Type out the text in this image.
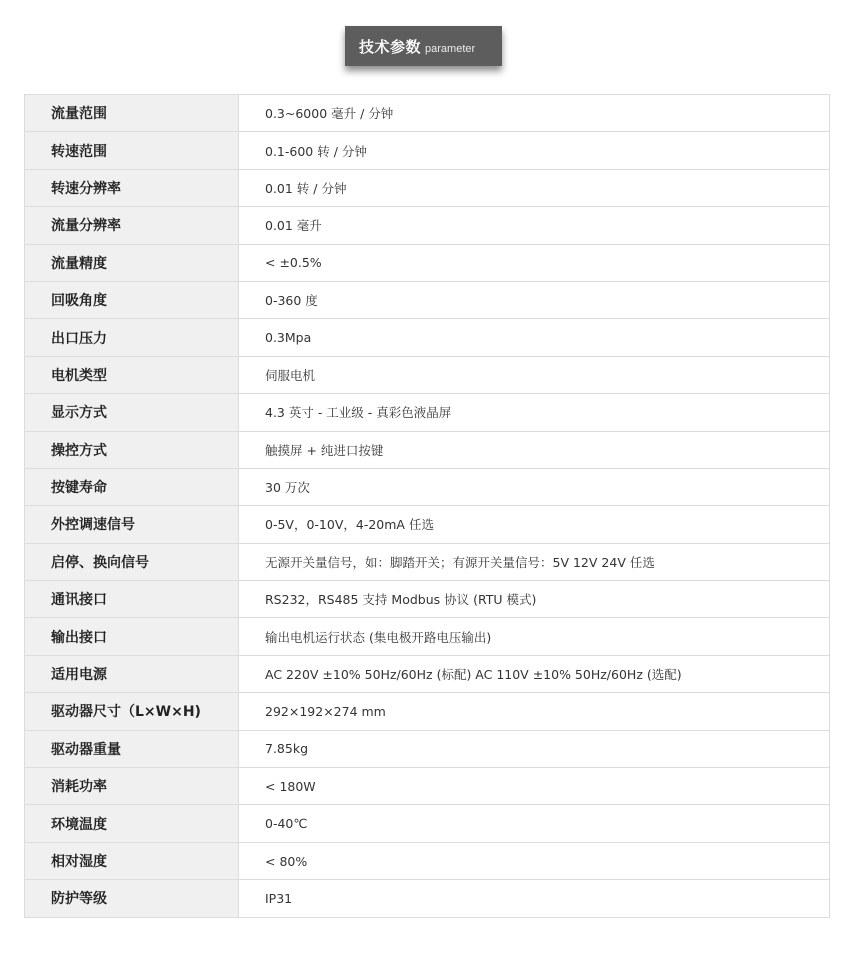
技术参数 parameter
流量范围	0.3~6000 毫升 / 分钟
转速范围	0.1-600 转 / 分钟
转速分辨率	0.01 转 / 分钟
流量分辨率	0.01 毫升
流量精度	< ±0.5%
回吸角度	0-360 度
出口压力	0.3Mpa
电机类型	伺服电机
显示方式	4.3 英寸 - 工业级 - 真彩色液晶屏
操控方式	触摸屏 + 纯进口按键
按键寿命	30 万次
外控调速信号	0-5V，0-10V，4-20mA 任选
启停、换向信号	无源开关量信号，如：脚踏开关；有源开关量信号：5V 12V 24V 任选
通讯接口	RS232，RS485 支持 Modbus 协议 (RTU 模式)
输出接口	输出电机运行状态 (集电极开路电压输出)
适用电源	AC 220V ±10% 50Hz/60Hz (标配) AC 110V ±10% 50Hz/60Hz (选配)
驱动器尺寸（L×W×H)	292×192×274 mm
驱动器重量	7.85kg
消耗功率	< 180W
环境温度	0-40℃
相对湿度	< 80%
防护等级	IP31
